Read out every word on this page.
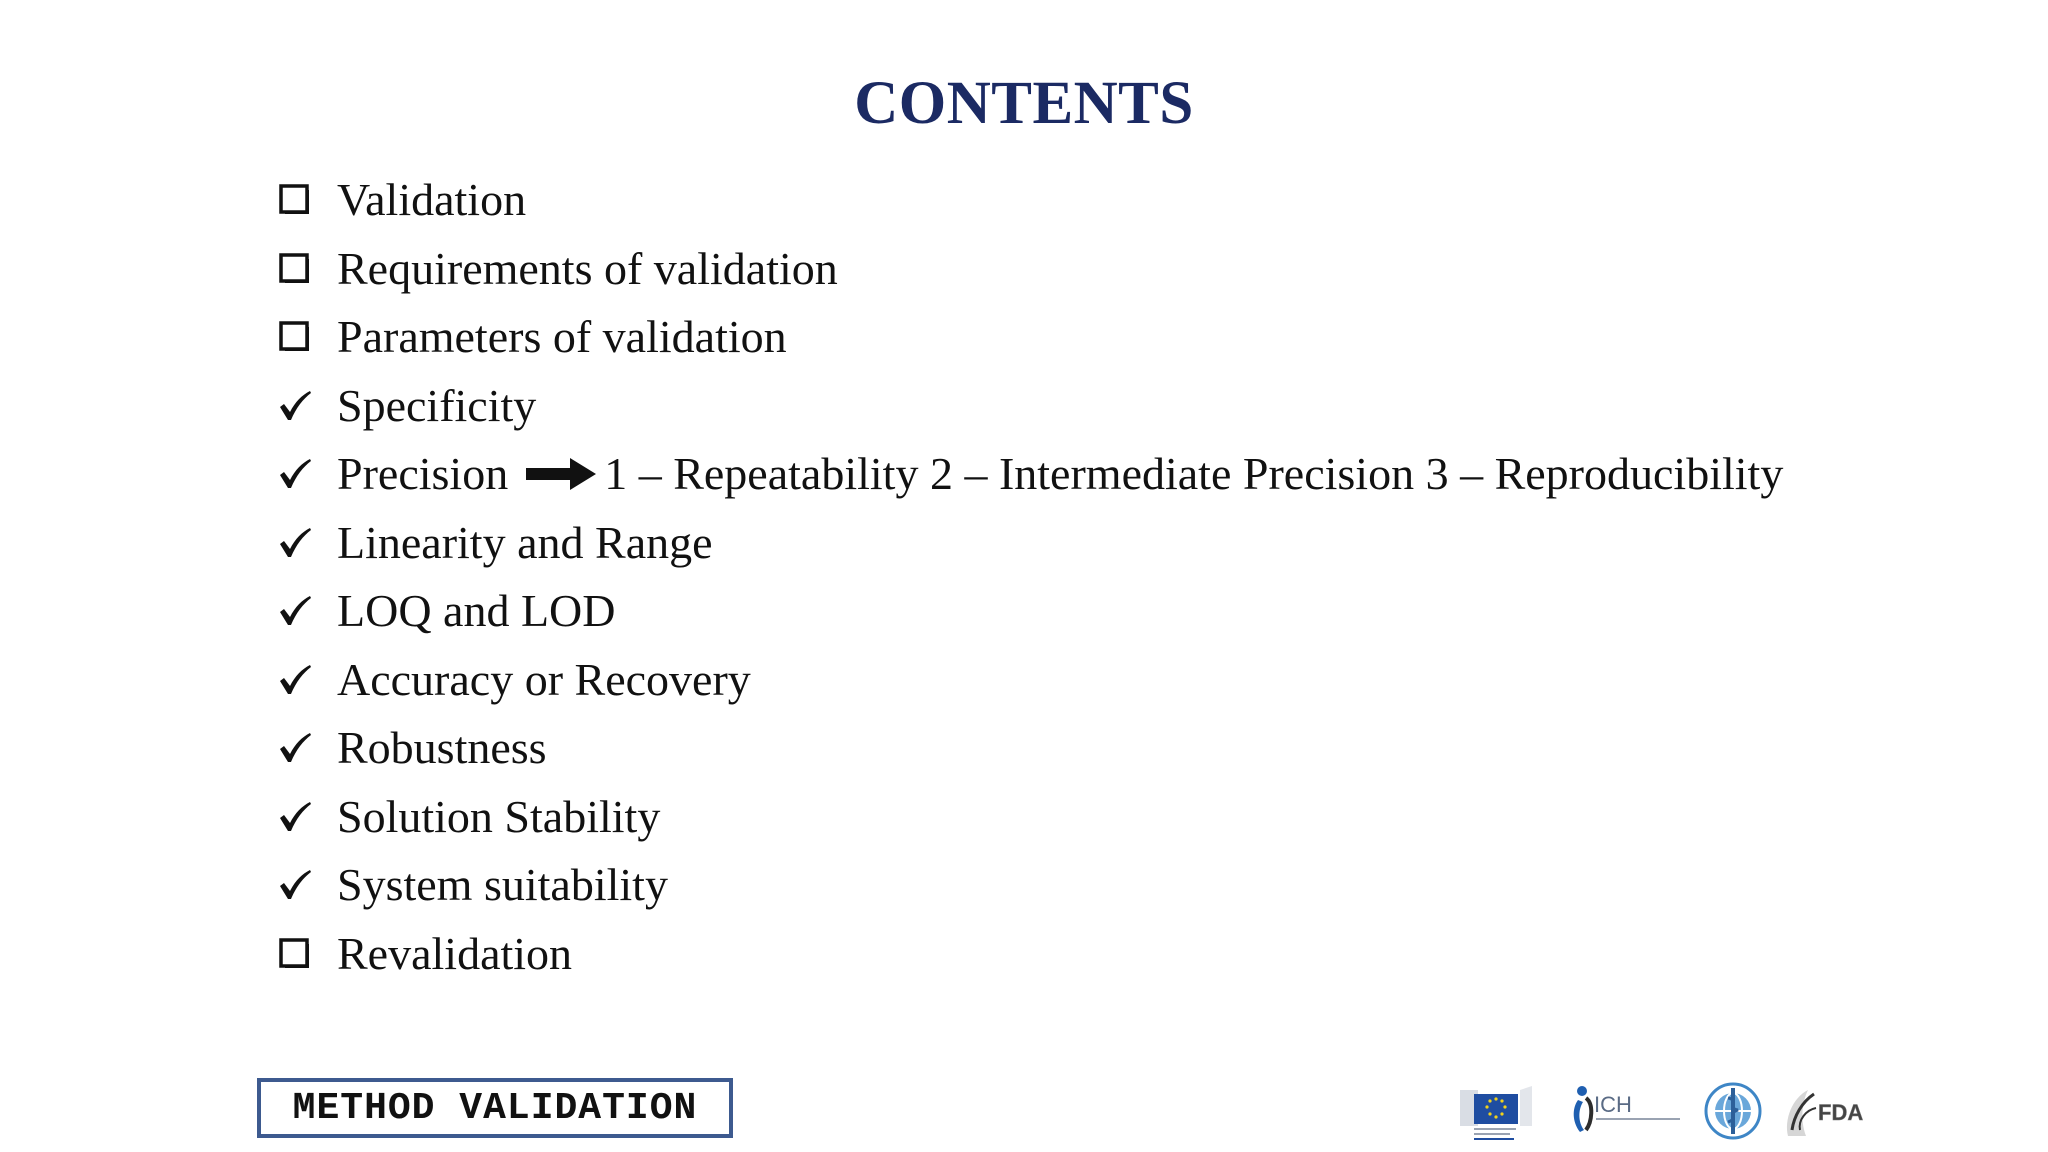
CONTENTS
Validation
Requirements of validation
Parameters of validation
Specificity
Precision 1 – Repeatability 2 – Intermediate Precision 3 – Reproducibility
Linearity and Range
LOQ and LOD
Accuracy or Recovery
Robustness
Solution Stability
System suitability
Revalidation
METHOD VALIDATION	ICH	FDA
